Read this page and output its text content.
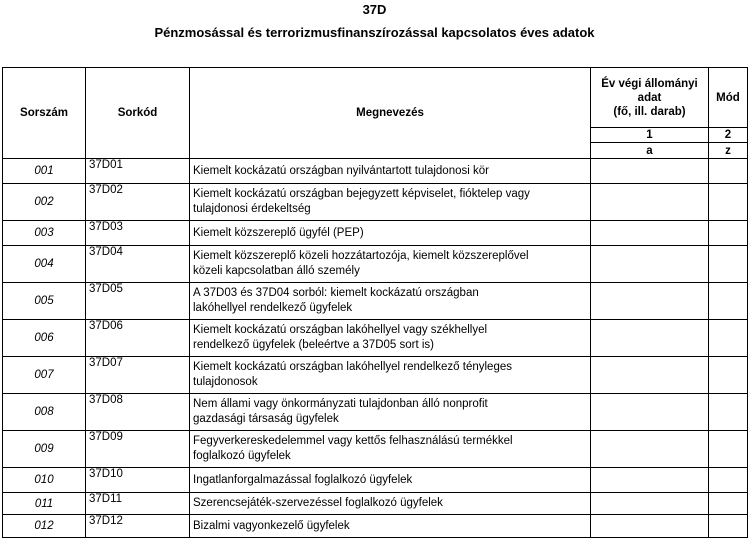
37D
Pénzmosással és terrorizmusfinanszírozással kapcsolatos éves adatok
Sorszám	Sorkód	Megnevezés	Év végi állományi
adat
(fő, ill. darab)	Mód
			1	2
			a	z
001	37D01	Kiemelt kockázatú országban nyilvántartott tulajdonosi kör		

002	37D02	Kiemelt kockázatú országban bejegyzett képviselet, fióktelep vagy
tulajdonosi érdekeltség		

003	37D03	Kiemelt közszereplő ügyfél (PEP)		

004	37D04	Kiemelt közszereplő közeli hozzátartozója, kiemelt közszereplővel
közeli kapcsolatban álló személy		

005	37D05	A 37D03 és 37D04 sorból: kiemelt kockázatú országban
lakóhellyel rendelkező ügyfelek		

006	37D06	Kiemelt kockázatú országban lakóhellyel vagy székhellyel
rendelkező ügyfelek (beleértve a 37D05 sort is)		

007	37D07	Kiemelt kockázatú országban lakóhellyel rendelkező tényleges
tulajdonosok		

008	37D08	Nem állami vagy önkormányzati tulajdonban álló nonprofit
gazdasági társaság ügyfelek		

009	37D09	Fegyverkereskedelemmel vagy kettős felhasználású termékkel
foglalkozó ügyfelek		

010	37D10	Ingatlanforgalmazással foglalkozó ügyfelek		

011	37D11	Szerencsejáték-szervezéssel foglalkozó ügyfelek		

012	37D12	Bizalmi vagyonkezelő ügyfelek		
